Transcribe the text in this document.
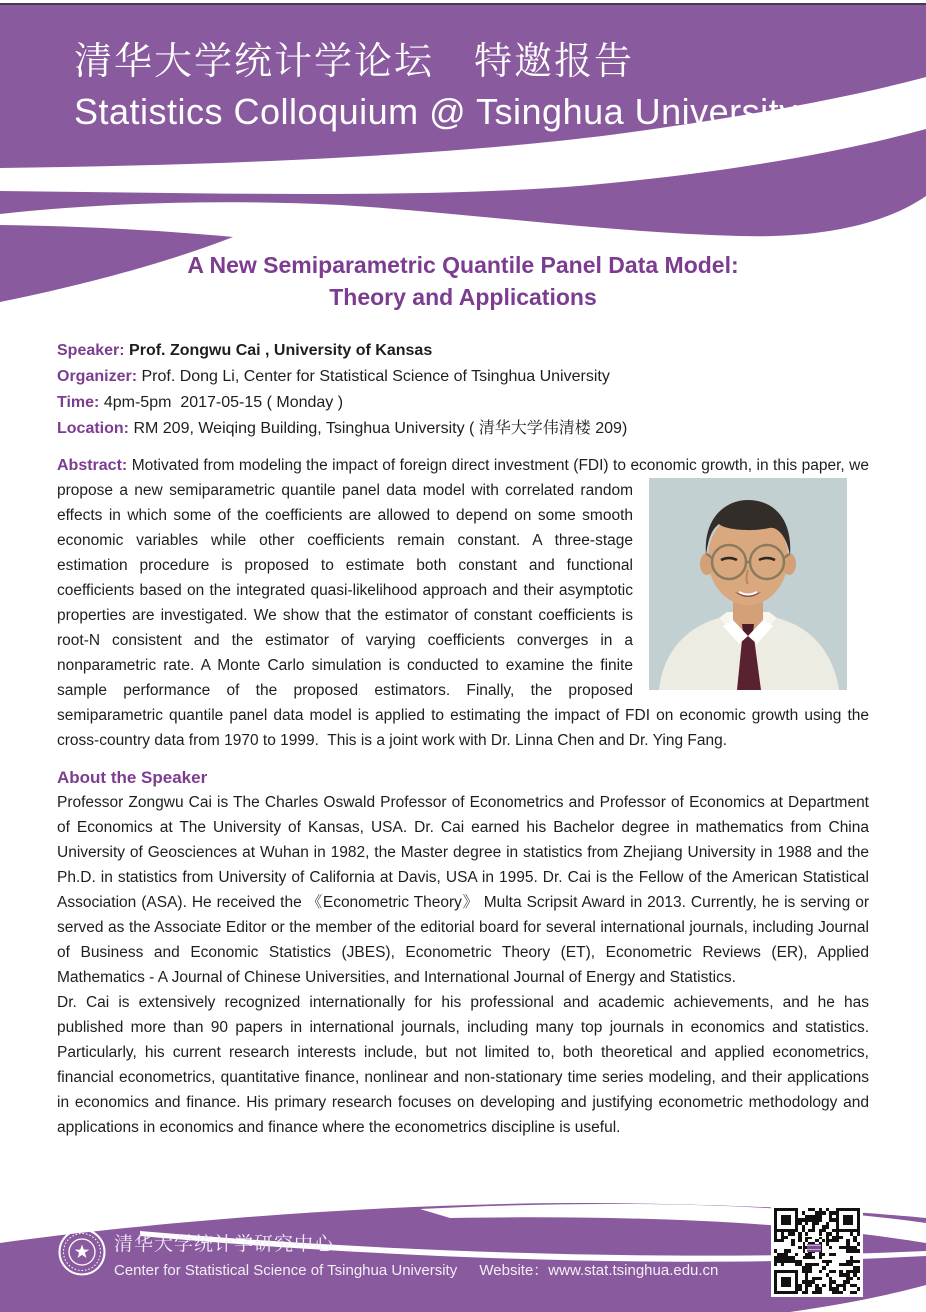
清华大学统计学论坛　特邀报告
Statistics Colloquium @ Tsinghua University
A New Semiparametric Quantile Panel Data Model:
Theory and Applications
Speaker: Prof. Zongwu Cai , University of Kansas
Organizer: Prof. Dong Li, Center for Statistical Science of Tsinghua University
Time: 4pm-5pm  2017-05-15 ( Monday )
Location: RM 209, Weiqing Building, Tsinghua University ( 清华大学伟清楼 209)
Abstract: Motivated from modeling the impact of foreign direct investment (FDI) to economic growth, in this paper, we propose a new semiparametric quantile panel data model with correlated random effects in which some of the coefficients are allowed to depend on some smooth economic variables while other coefficients remain constant. A three-stage estimation procedure is proposed to estimate both constant and functional coefficients based on the integrated quasi-likelihood approach and their asymptotic properties are investigated. We show that the estimator of constant coefficients is root-N consistent and the estimator of varying coefficients converges in a nonparametric rate. A Monte Carlo simulation is conducted to examine the finite sample performance of the proposed estimators. Finally, the proposed semiparametric quantile panel data model is applied to estimating the impact of FDI on economic growth using the cross-country data from 1970 to 1999.  This is a joint work with Dr. Linna Chen and Dr. Ying Fang.
About the Speaker

Professor Zongwu Cai is The Charles Oswald Professor of Econometrics and Professor of Economics at Department of Economics at The University of Kansas, USA. Dr. Cai earned his Bachelor degree in mathematics from China University of Geosciences at Wuhan in 1982, the Master degree in statistics from Zhejiang University in 1988 and the Ph.D. in statistics from University of California at Davis, USA in 1995. Dr. Cai is the Fellow of the American Statistical Association (ASA). He received the 《Econometric Theory》 Multa Scripsit Award in 2013. Currently, he is serving or served as the Associate Editor or the member of the editorial board for several international journals, including Journal of Business and Economic Statistics (JBES), Econometric Theory (ET), Econometric Reviews (ER), Applied Mathematics - A Journal of Chinese Universities, and International Journal of Energy and Statistics.

Dr. Cai is extensively recognized internationally for his professional and academic achievements, and he has published more than 90 papers in international journals, including many top journals in economics and statistics. Particularly, his current research interests include, but not limited to, both theoretical and applied econometrics, financial econometrics, quantitative finance, nonlinear and non-stationary time series modeling, and their applications in economics and finance. His primary research focuses on developing and justifying econometric methodology and applications in economics and finance where the econometrics discipline is useful.

清华大学统计学研究中心
Center for Statistical Science of Tsinghua University Website：www.stat.tsinghua.edu.cn
